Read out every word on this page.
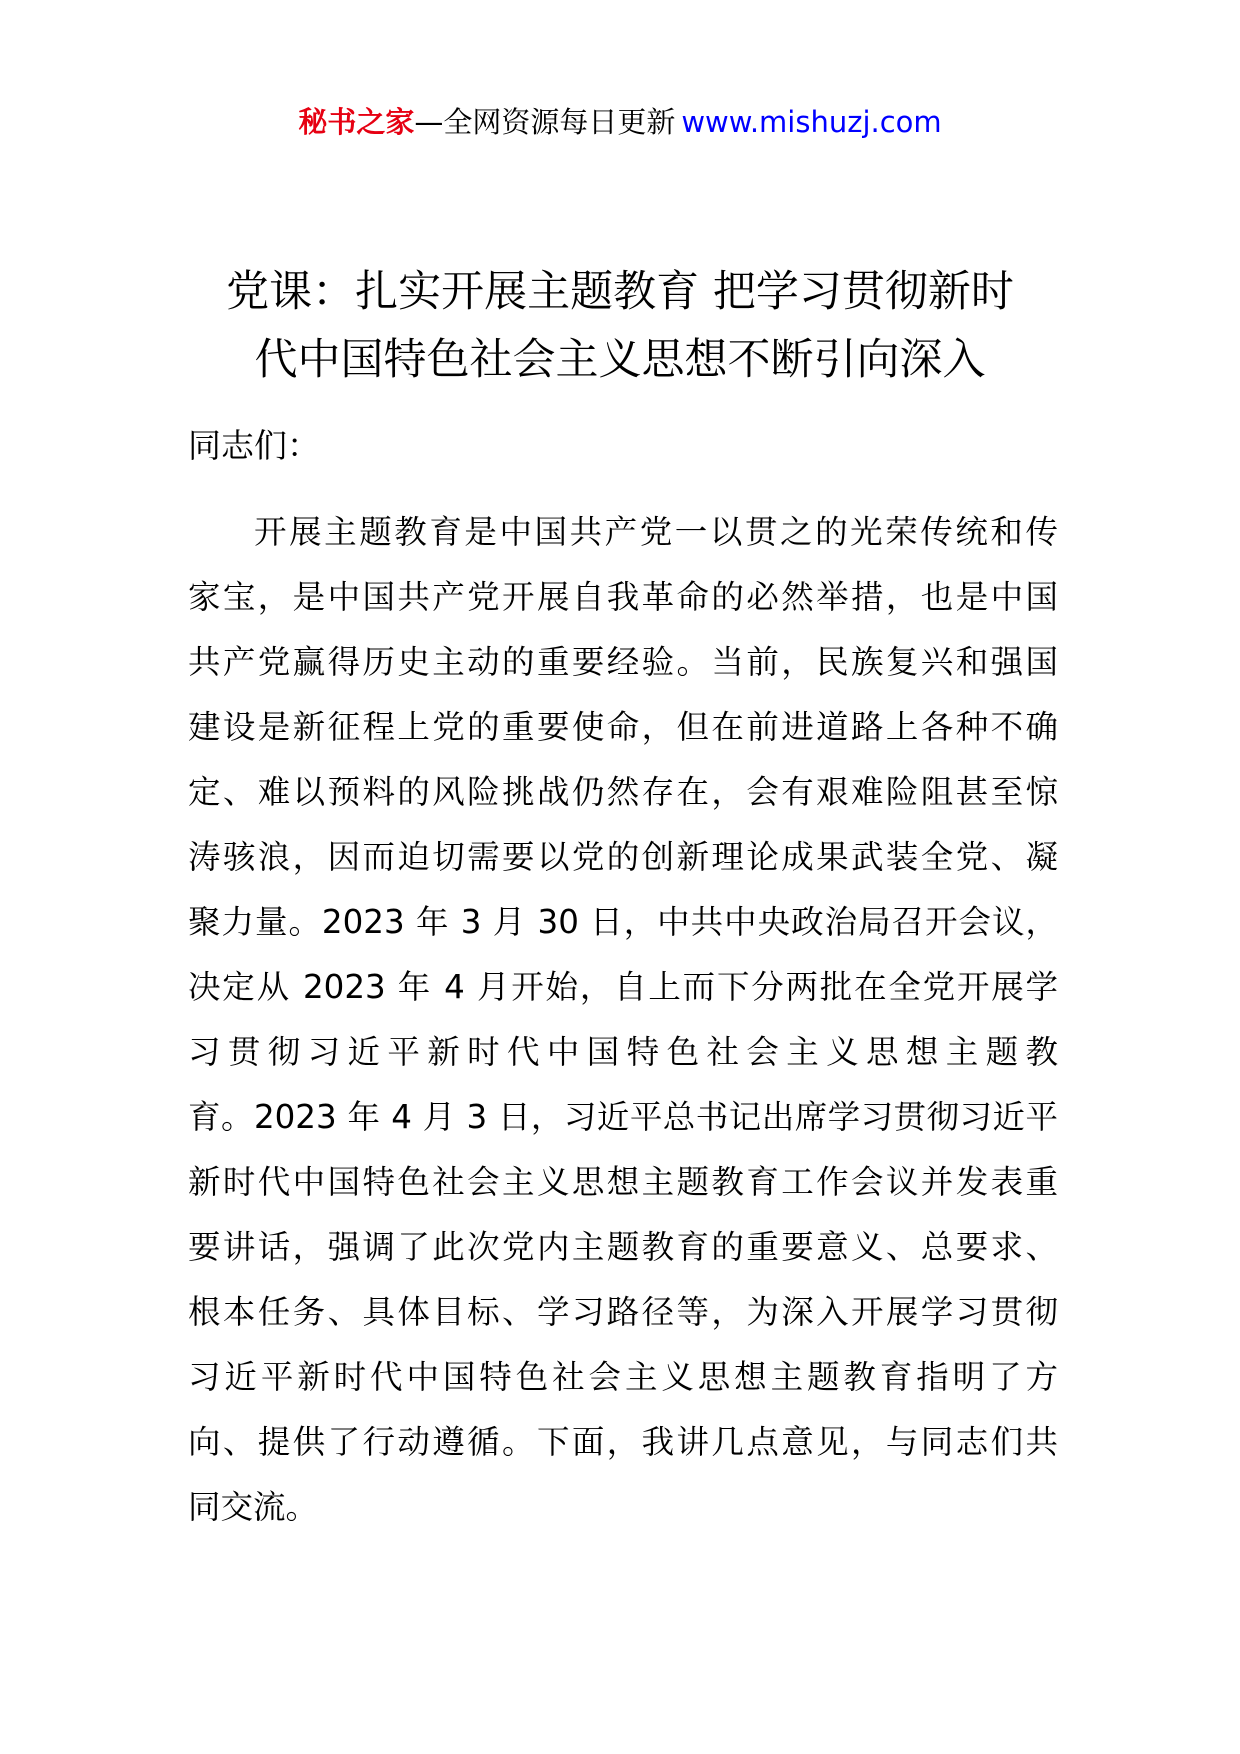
秘书之家—全网资源每日更新 www.mishuzj.com
党课：扎实开展主题教育 把学习贯彻新时
代中国特色社会主义思想不断引向深入
同志们：
开展主题教育是中国共产党一以贯之的光荣传统和传
家宝，是中国共产党开展自我革命的必然举措，也是中国
共产党赢得历史主动的重要经验。当前，民族复兴和强国
建设是新征程上党的重要使命，但在前进道路上各种不确
定、难以预料的风险挑战仍然存在，会有艰难险阻甚至惊
涛骇浪，因而迫切需要以党的创新理论成果武装全党、凝
聚力量。2023 年 3 月 30 日，中共中央政治局召开会议，
决定从 2023 年 4 月开始，自上而下分两批在全党开展学
习贯彻习近平新时代中国特色社会主义思想主题教
育。2023 年 4 月 3 日，习近平总书记出席学习贯彻习近平
新时代中国特色社会主义思想主题教育工作会议并发表重
要讲话，强调了此次党内主题教育的重要意义、总要求、
根本任务、具体目标、学习路径等，为深入开展学习贯彻
习近平新时代中国特色社会主义思想主题教育指明了方
向、提供了行动遵循。下面，我讲几点意见，与同志们共
同交流。
